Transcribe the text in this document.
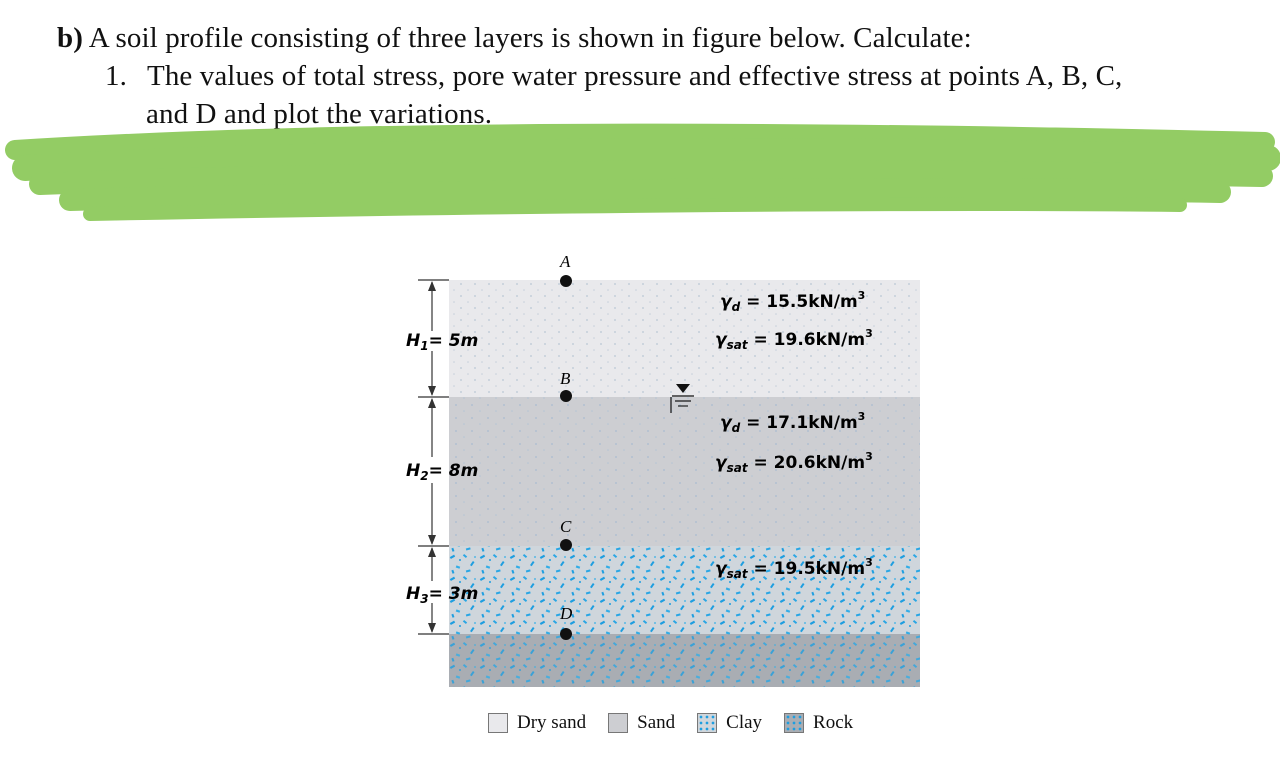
b) A soil profile consisting of three layers is shown in figure below. Calculate:
1. The values of total stress, pore water pressure and effective stress at points A, B, C,
and D and plot the variations.
$H_1= 5m$
$H_2= 8m$
$H_3= 3m$
A
B
C
D
$\gamma_d = 15.5kN/m^3$
$\gamma_{sat} = 19.6kN/m^3$
$\gamma_d = 17.1kN/m^3$
$\gamma_{sat} = 20.6kN/m^3$
$\gamma_{sat} = 19.5kN/m^3$
Dry sand	Sand	Clay	Rock
